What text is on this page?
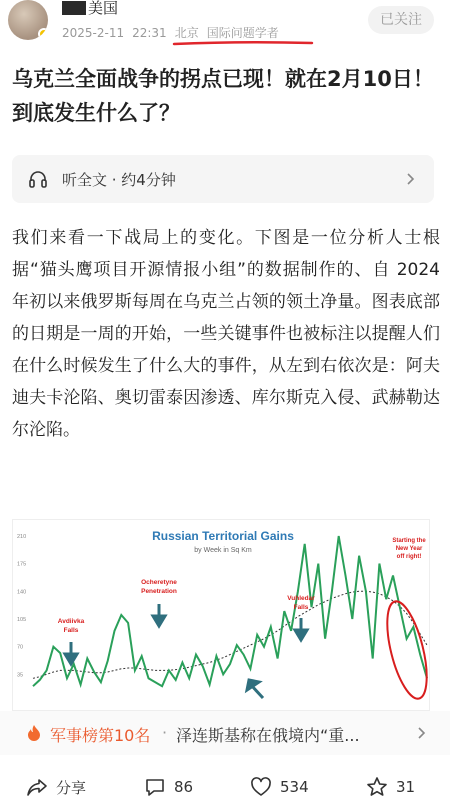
美国
2025-2-11 22:31 北京 国际问题学者
已关注
乌克兰全面战争的拐点已现！就在2月10日！到底发生什么了？
听全文 · 约4分钟
我们来看一下战局上的变化。下图是一位分析人士根据“猫头鹰项目开源情报小组”的数据制作的、自 2024 年初以来俄罗斯每周在乌克兰占领的领土净量。图表底部的日期是一周的开始，一些关键事件也被标注以提醒人们在什么时候发生了什么大的事件，从左到右依次是：阿夫迪夫卡沦陷、奥切雷泰因渗透、库尔斯克入侵、武赫勒达尔沦陷。
Russian Territorial Gains
by Week in Sq Km
210
175
140
105
70
35
Avdiivka
Falls
Ocheretyne
Penetration
Vuhledar
Falls
Starting the
New Year
off right!
军事榜第10名 · 泽连斯基称在俄境内“重...
分享	86	534	31
